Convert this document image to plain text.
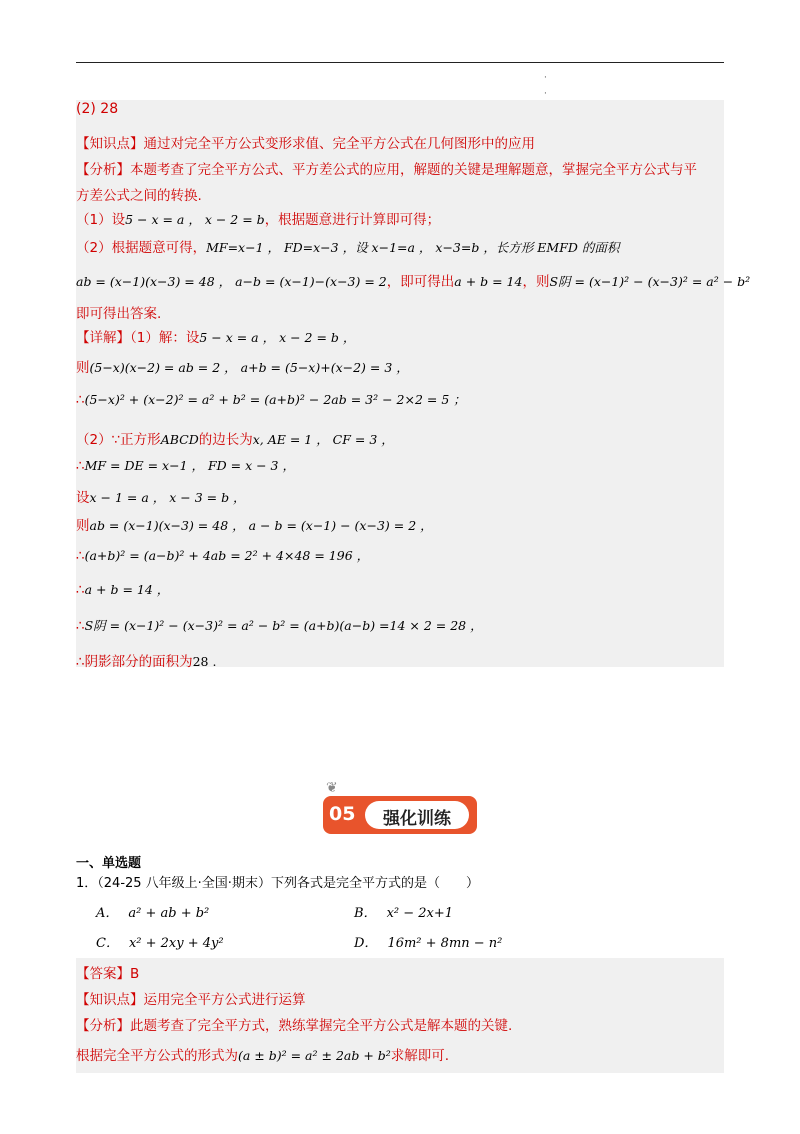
·
·
(2) 28
【知识点】通过对完全平方公式变形求值、完全平方公式在几何图形中的应用
【分析】本题考查了完全平方公式、平方差公式的应用，解题的关键是理解题意，掌握完全平方公式与平
方差公式之间的转换.
（1）设5 − x = a ， x − 2 = b，根据题意进行计算即可得；
（2）根据题意可得，MF=x−1 ， FD=x−3 ，设 x−1=a ， x−3=b ，长方形 EMFD 的面积
ab = (x−1)(x−3) = 48 ， a−b = (x−1)−(x−3) = 2，即可得出a + b = 14，则S阴 = (x−1)² − (x−3)² = a² − b²
即可得出答案.
【详解】（1）解：设5 − x = a ， x − 2 = b ，
则(5−x)(x−2) = ab = 2 ， a+b = (5−x)+(x−2) = 3 ，
∴(5−x)² + (x−2)² = a² + b² = (a+b)² − 2ab = 3² − 2×2 = 5 ；
（2）∵正方形ABCD的边长为x, AE = 1 ， CF = 3 ，
∴MF = DE = x−1 ， FD = x − 3 ，
设x − 1 = a ， x − 3 = b ，
则ab = (x−1)(x−3) = 48 ， a − b = (x−1) − (x−3) = 2 ，
∴(a+b)² = (a−b)² + 4ab = 2² + 4×48 = 196 ，
∴a + b = 14 ，
∴S阴 = (x−1)² − (x−3)² = a² − b² = (a+b)(a−b) =14 × 2 = 28 ，
∴阴影部分的面积为28 .
❦
05	强化训练
一、单选题
1．（24-25 八年级上·全国·期末）下列各式是完全平方式的是（　　）
A． a² + ab + b²	B． x² − 2x+1
C． x² + 2xy + 4y²	D． 16m² + 8mn − n²
【答案】B
【知识点】运用完全平方公式进行运算
【分析】此题考查了完全平方式，熟练掌握完全平方公式是解本题的关键.
根据完全平方公式的形式为(a ± b)² = a² ± 2ab + b²求解即可.
